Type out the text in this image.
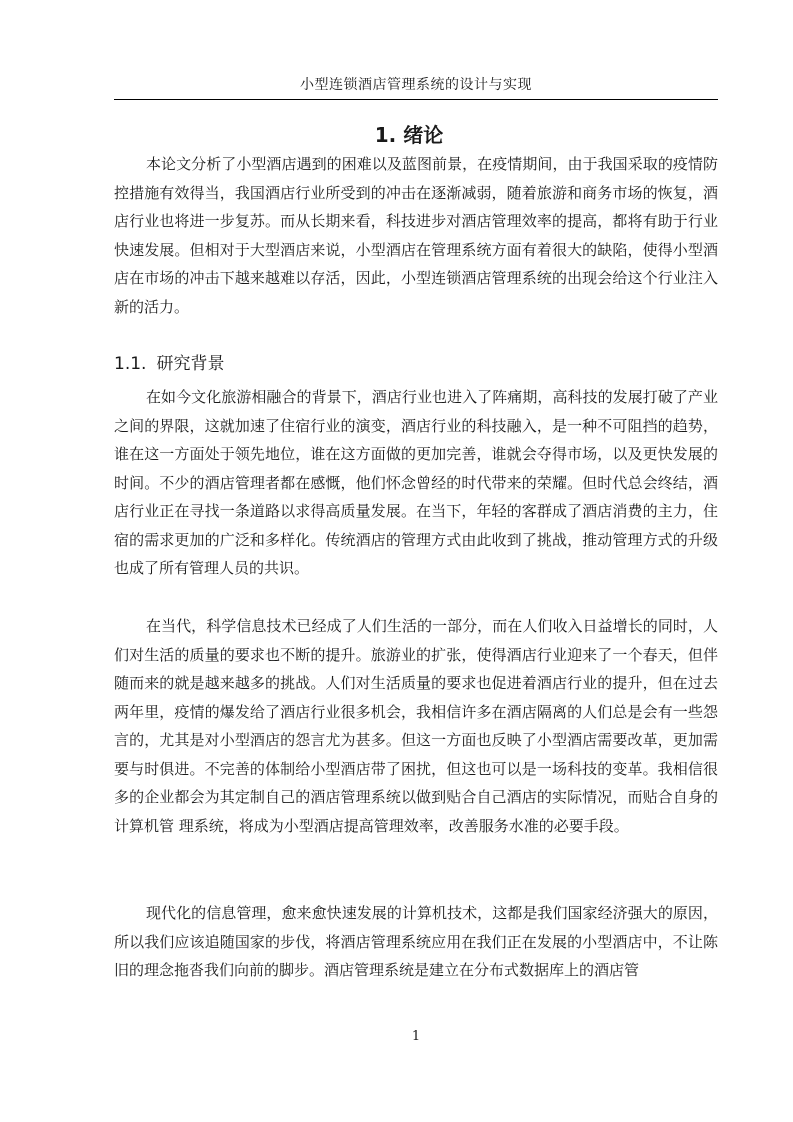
小型连锁酒店管理系统的设计与实现
1. 绪论

本论文分析了小型酒店遇到的困难以及蓝图前景，在疫情期间，由于我国采取的疫情防控措施有效得当，我国酒店行业所受到的冲击在逐渐减弱，随着旅游和商务市场的恢复，酒店行业也将进一步复苏。而从长期来看，科技进步对酒店管理效率的提高，都将有助于行业快速发展。但相对于大型酒店来说，小型酒店在管理系统方面有着很大的缺陷，使得小型酒店在市场的冲击下越来越难以存活，因此，小型连锁酒店管理系统的出现会给这个行业注入新的活力。

1.1. 研究背景

在如今文化旅游相融合的背景下，酒店行业也进入了阵痛期，高科技的发展打破了产业之间的界限，这就加速了住宿行业的演变，酒店行业的科技融入，是一种不可阻挡的趋势，谁在这一方面处于领先地位，谁在这方面做的更加完善，谁就会夺得市场，以及更快发展的时间。不少的酒店管理者都在感慨，他们怀念曾经的时代带来的荣耀。但时代总会终结，酒店行业正在寻找一条道路以求得高质量发展。在当下，年轻的客群成了酒店消费的主力，住宿的需求更加的广泛和多样化。传统酒店的管理方式由此收到了挑战，推动管理方式的升级也成了所有管理人员的共识。

在当代，科学信息技术已经成了人们生活的一部分，而在人们收入日益增长的同时，人们对生活的质量的要求也不断的提升。旅游业的扩张，使得酒店行业迎来了一个春天，但伴随而来的就是越来越多的挑战。人们对生活质量的要求也促进着酒店行业的提升，但在过去两年里，疫情的爆发给了酒店行业很多机会，我相信许多在酒店隔离的人们总是会有一些怨言的，尤其是对小型酒店的怨言尤为甚多。但这一方面也反映了小型酒店需要改革，更加需要与时俱进。不完善的体制给小型酒店带了困扰，但这也可以是一场科技的变革。我相信很多的企业都会为其定制自己的酒店管理系统以做到贴合自己酒店的实际情况，而贴合自身的计算机管 理系统，将成为小型酒店提高管理效率，改善服务水准的必要手段。

现代化的信息管理，愈来愈快速发展的计算机技术，这都是我们国家经济强大的原因，所以我们应该追随国家的步伐，将酒店管理系统应用在我们正在发展的小型酒店中，不让陈旧的理念拖沓我们向前的脚步。酒店管理系统是建立在分布式数据库上的酒店管

1
